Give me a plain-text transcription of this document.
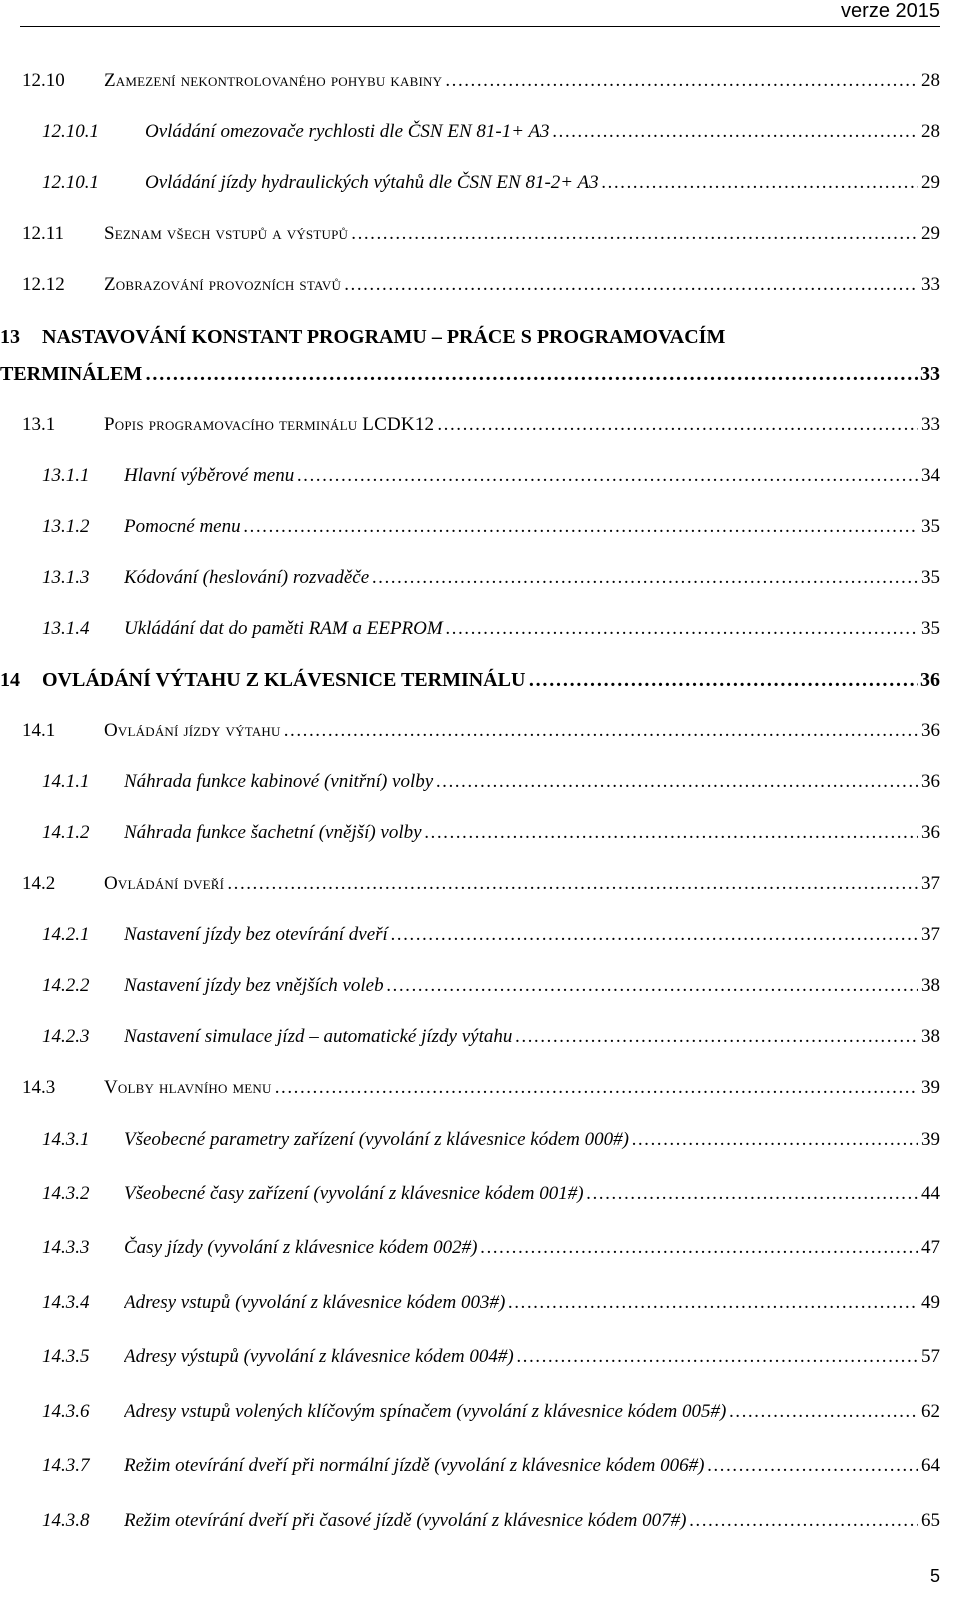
verze 2015
12.10 Zamezení nekontrolovaného pohybu kabiny . . .	28
12.10.1 Ovládání omezovače rychlosti dle ČSN EN 81-1+ A3 . . .	28
12.10.1 Ovládání jízdy hydraulických výtahů dle ČSN EN 81-2+ A3 . . .	29
12.11 Seznam všech vstupů a výstupů . . .	29
12.12 Zobrazování provozních stavů . . .	33
13 NASTAVOVÁNÍ KONSTANT PROGRAMU – PRÁCE S PROGRAMOVACÍM
TERMINÁLEM . . .	33
13.1	Popis programovacího terminálu LCDK12 . . .	33
13.1.1 Hlavní výběrové menu . . .	34
13.1.2 Pomocné menu . . .	35
13.1.3 Kódování (heslování) rozvaděče . . .	35
13.1.4 Ukládání dat do paměti RAM a EEPROM . . .	35
14 OVLÁDÁNÍ VÝTAHU Z KLÁVESNICE TERMINÁLU . . .	36
14.1	Ovládání jízdy výtahu . . .	36
14.1.1 Náhrada funkce kabinové (vnitřní) volby . . .	36
14.1.2 Náhrada funkce šachetní (vnější) volby . . .	36
14.2	Ovládání dveří . . .	37
14.2.1 Nastavení jízdy bez otevírání dveří . . .	37
14.2.2 Nastavení jízdy bez vnějších voleb . . .	38
14.2.3 Nastavení simulace jízd – automatické jízdy výtahu . . .	38
14.3	Volby hlavního menu . . .	39
14.3.1 Všeobecné parametry zařízení (vyvolání z klávesnice kódem 000#) . . .	39
14.3.2 Všeobecné časy zařízení (vyvolání z klávesnice kódem 001#) . . .	44
14.3.3 Časy jízdy (vyvolání z klávesnice kódem 002#) . . .	47
14.3.4 Adresy vstupů (vyvolání z klávesnice kódem 003#) . . .	49
14.3.5 Adresy výstupů (vyvolání z klávesnice kódem 004#) . . .	57
14.3.6 Adresy vstupů volených klíčovým spínačem (vyvolání z klávesnice kódem 005#) . . .	62
14.3.7 Režim otevírání dveří při normální jízdě (vyvolání z klávesnice kódem 006#) . . .	64
14.3.8 Režim otevírání dveří při časové jízdě (vyvolání z klávesnice kódem 007#) . . .	65
5
